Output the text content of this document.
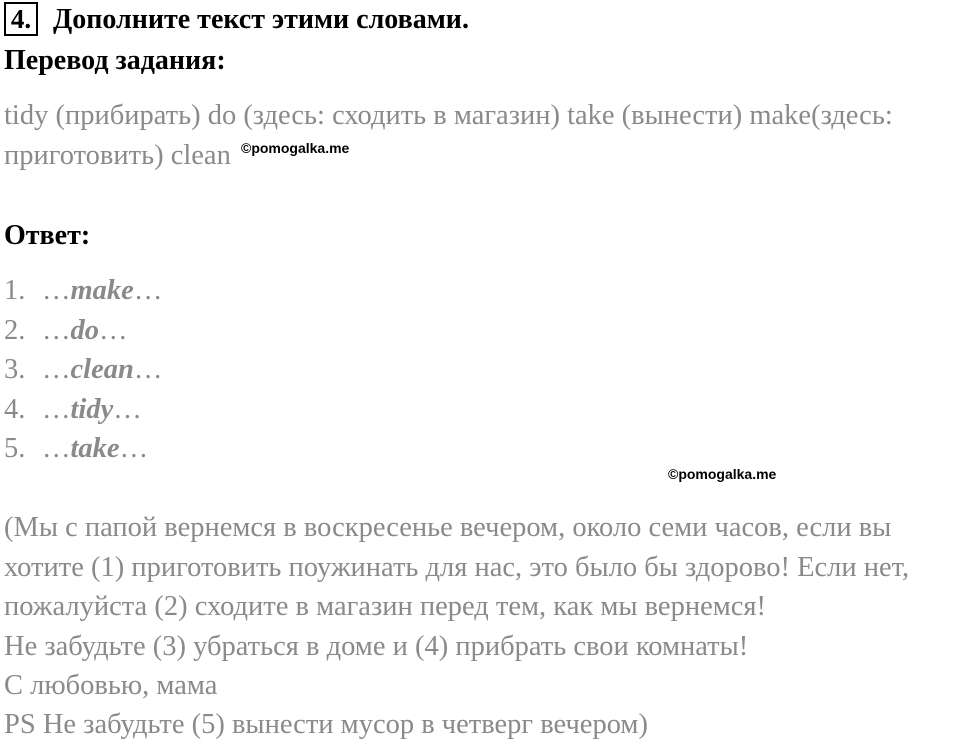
4. Дополните текст этими словами.
Перевод задания:
tidy (прибирать) do (здесь: сходить в магазин) take (вынести) make(здесь:
приготовить) clean ©pomogalka.me
Ответ:
1. …make…
2. …do…
3. …clean…
4. …tidy…
5. …take…
©pomogalka.me
(Мы с папой вернемся в воскресенье вечером, около семи часов, если вы
хотите (1) приготовить поужинать для нас, это было бы здорово! Если нет,
пожалуйста (2) сходите в магазин перед тем, как мы вернемся!
Не забудьте (3) убраться в доме и (4) прибрать свои комнаты!
С любовью, мама
PS Не забудьте (5) вынести мусор в четверг вечером)
